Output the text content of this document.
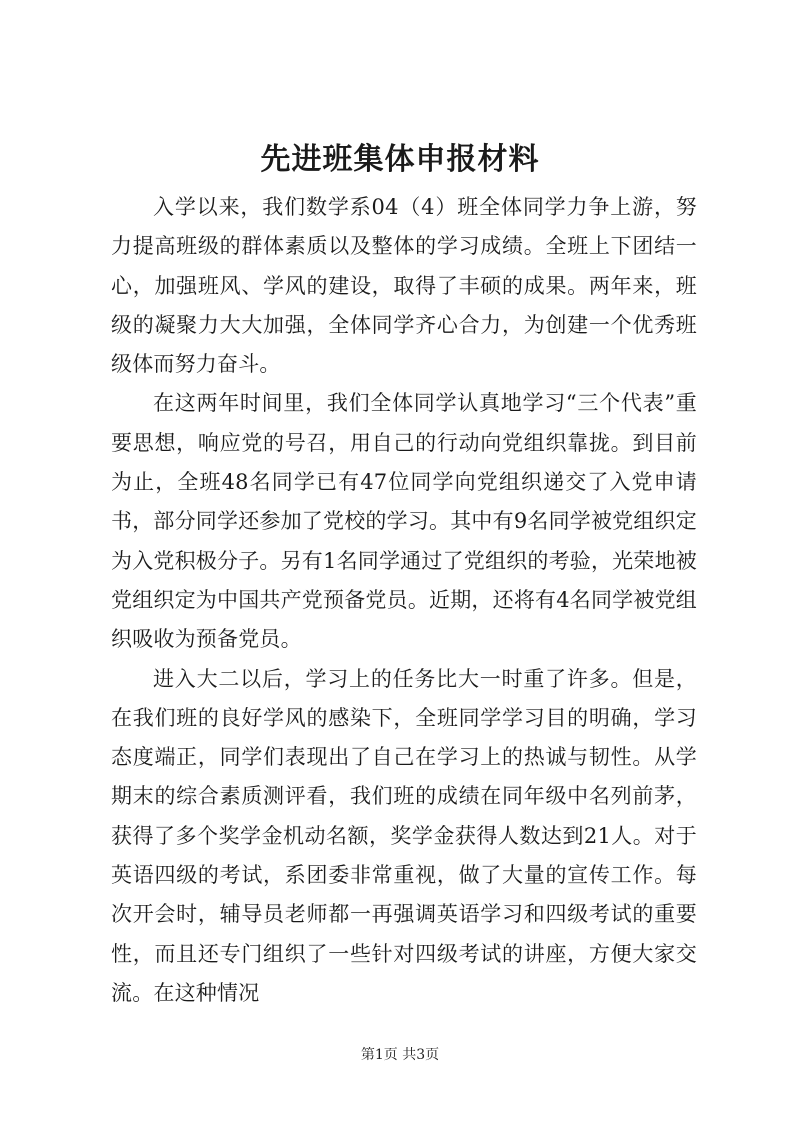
先进班集体申报材料

入学以来，我们数学系04（4）班全体同学力争上游，努力提高班级的群体素质以及整体的学习成绩。全班上下团结一心，加强班风、学风的建设，取得了丰硕的成果。两年来，班级的凝聚力大大加强，全体同学齐心合力，为创建一个优秀班级体而努力奋斗。

在这两年时间里，我们全体同学认真地学习“三个代表”重要思想，响应党的号召，用自己的行动向党组织靠拢。到目前为止，全班48名同学已有47位同学向党组织递交了入党申请书，部分同学还参加了党校的学习。其中有9名同学被党组织定为入党积极分子。另有1名同学通过了党组织的考验，光荣地被党组织定为中国共产党预备党员。近期，还将有4名同学被党组织吸收为预备党员。

进入大二以后，学习上的任务比大一时重了许多。但是，在我们班的良好学风的感染下，全班同学学习目的明确，学习态度端正，同学们表现出了自己在学习上的热诚与韧性。从学期末的综合素质测评看，我们班的成绩在同年级中名列前茅，获得了多个奖学金机动名额，奖学金获得人数达到21人。对于英语四级的考试，系团委非常重视，做了大量的宣传工作。每次开会时，辅导员老师都一再强调英语学习和四级考试的重要性，而且还专门组织了一些针对四级考试的讲座，方便大家交流。在这种情况

第1页 共3页
